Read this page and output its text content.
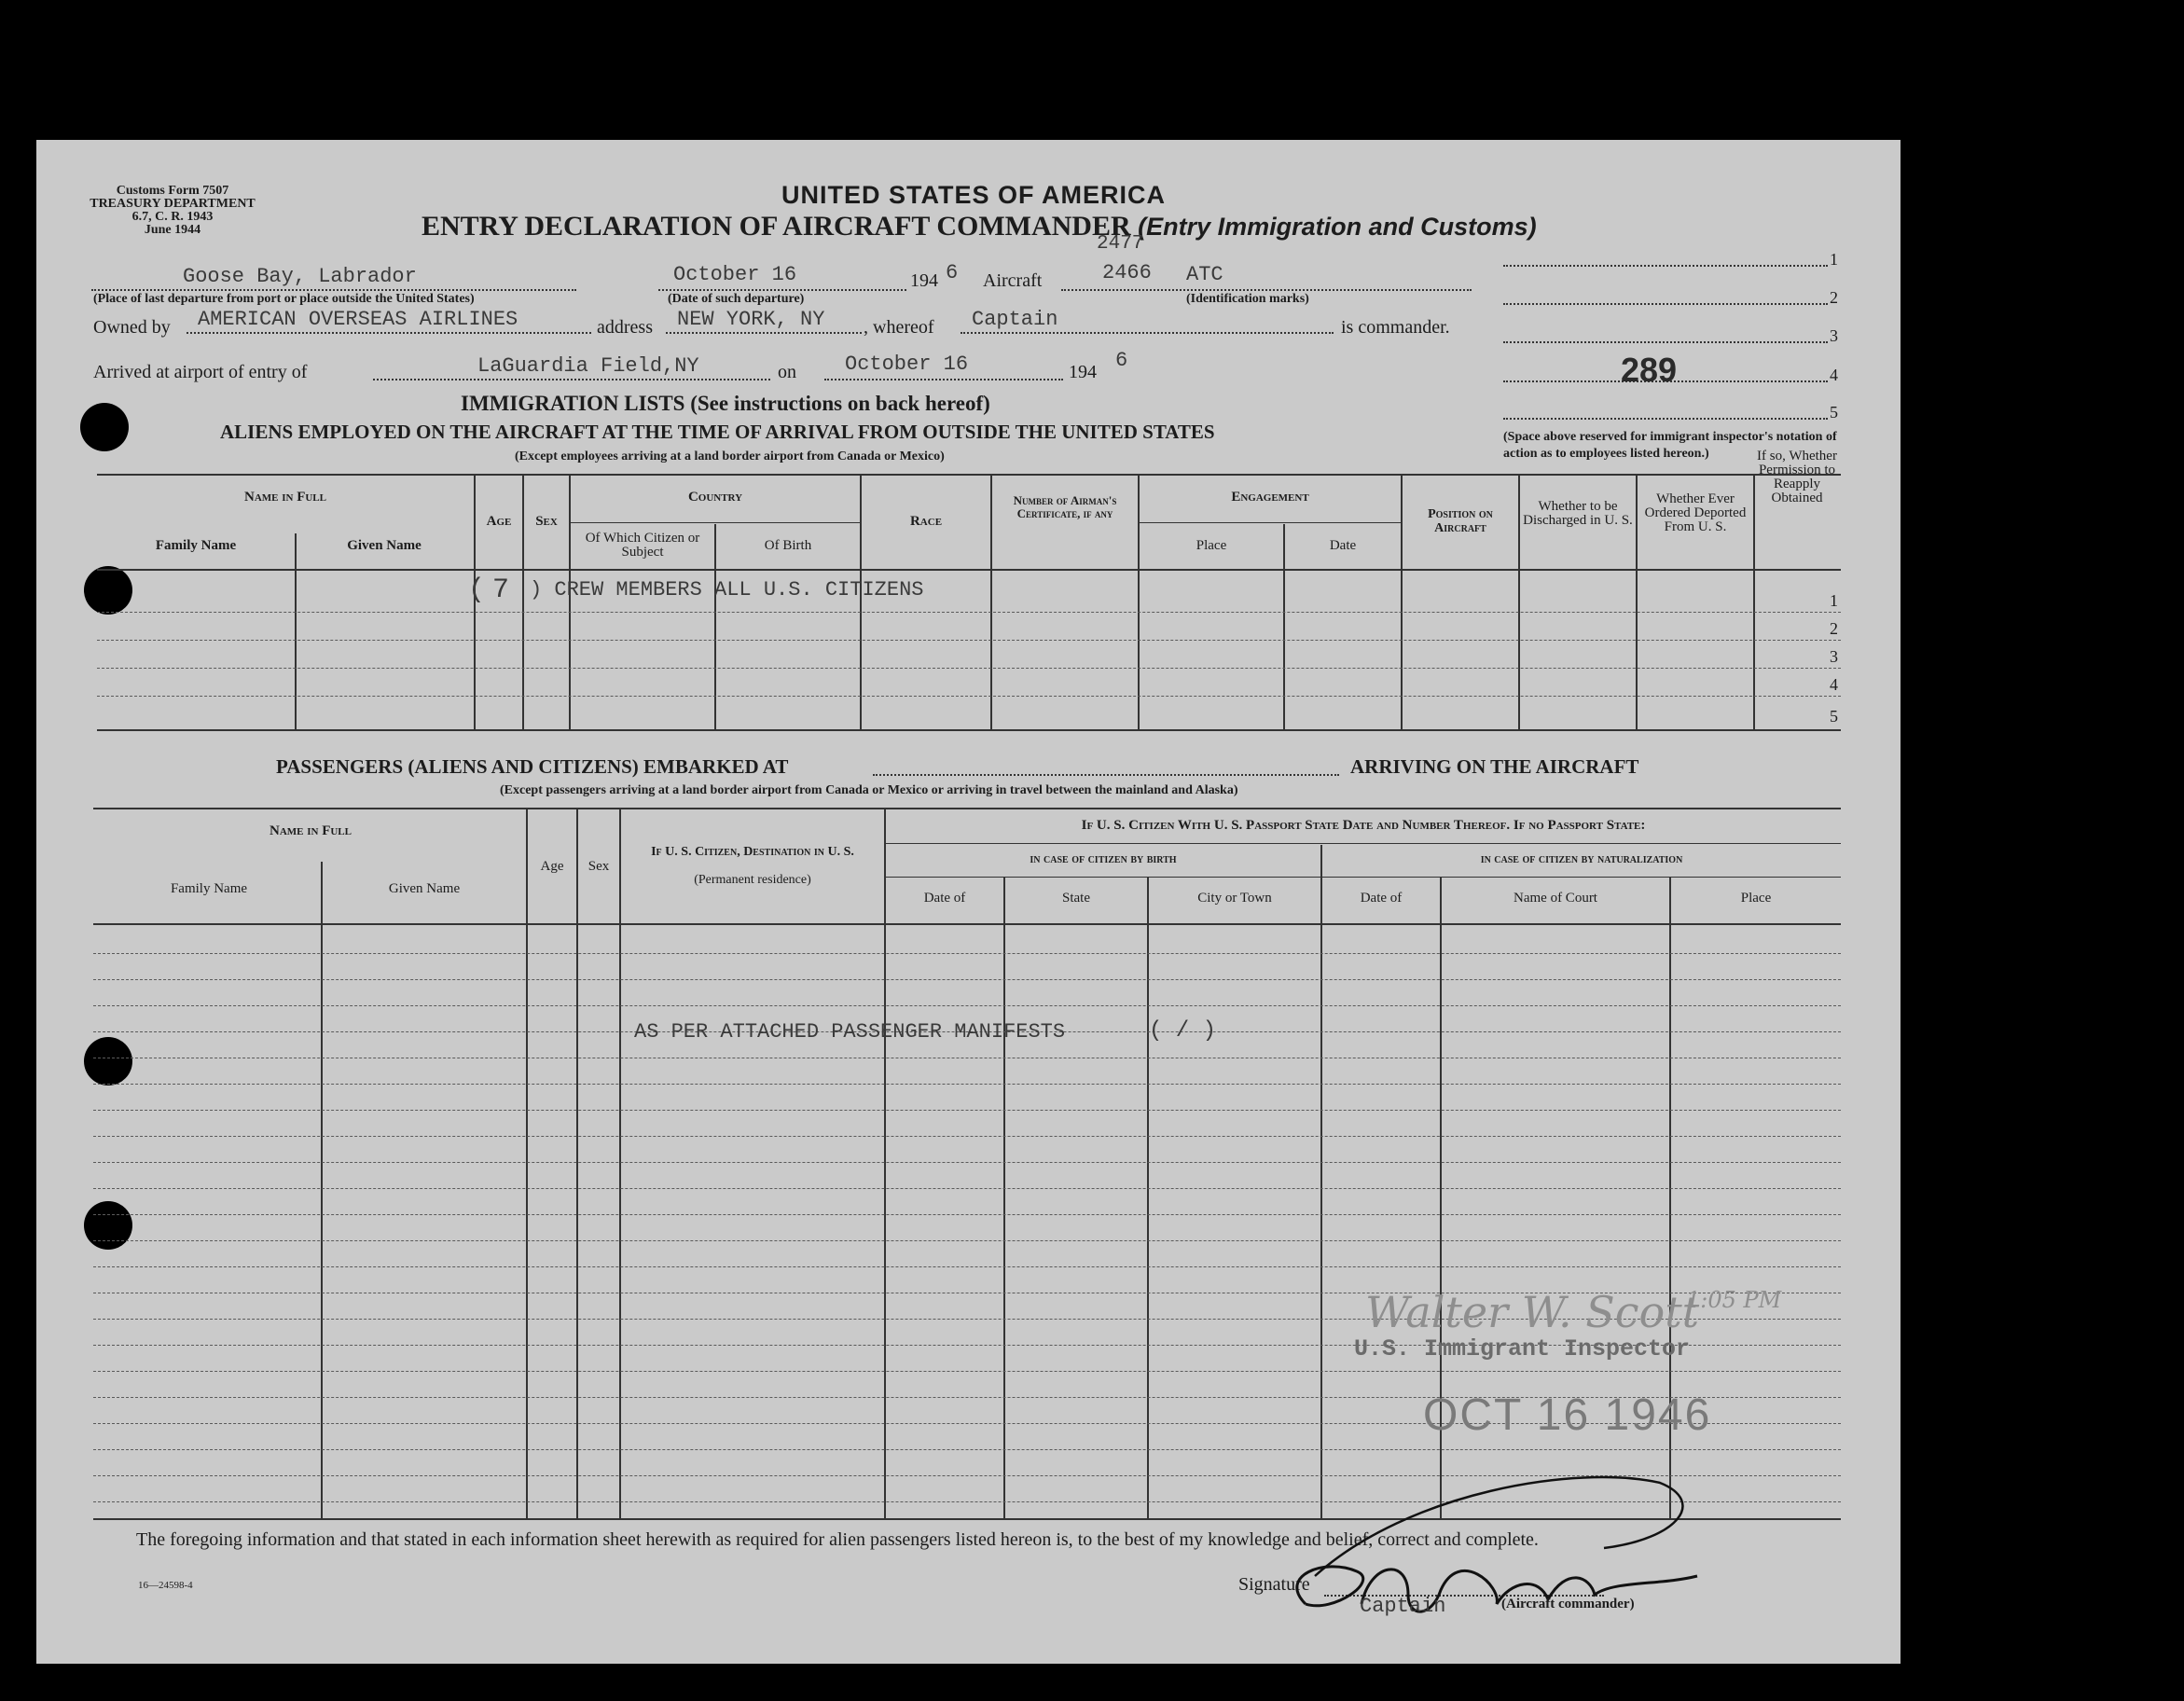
Customs Form 7507
TREASURY DEPARTMENT
6.7, C. R. 1943
June 1944
UNITED STATES OF AMERICA
ENTRY DECLARATION OF AIRCRAFT COMMANDER (Entry Immigration and Customs)
Goose Bay, Labrador
(Place of last departure from port or place outside the United States)
October 16
(Date of such departure)
194 6 Aircraft
2477
2466 ATC
(Identification marks)
Owned by AMERICAN OVERSEAS AIRLINES	address NEW YORK, NY , whereof Captain	is commander.
Arrived at airport of entry of	LaGuardia Field,NY	on October 16	194 6
1
2
3
4
289
5
(Space above reserved for immigrant inspector's notation of action as to employees listed hereon.)
IMMIGRATION LISTS (See instructions on back hereof)
ALIENS EMPLOYED ON THE AIRCRAFT AT THE TIME OF ARRIVAL FROM OUTSIDE THE UNITED STATES
(Except employees arriving at a land border airport from Canada or Mexico)
Name in Full
Family Name	Given Name
Age	Sex
Country
Of Which Citizen or Subject	Of Birth
Race
Number of Airman's Certificate, if any
Engagement
Place	Date
Position on Aircraft
Whether to be Discharged in U. S.
Whether Ever Ordered Deported From U. S.
If so, Whether Permission to Reapply Obtained
1
2
3
4
5
( 7 ) CREW MEMBERS ALL U.S. CITIZENS
PASSENGERS (ALIENS AND CITIZENS) EMBARKED AT	ARRIVING ON THE AIRCRAFT
(Except passengers arriving at a land border airport from Canada or Mexico or arriving in travel between the mainland and Alaska)
Name in Full
Family Name	Given Name
Age	Sex
If U. S. Citizen, Destination in U. S.
(Permanent residence)
If U. S. Citizen With U. S. Passport State Date and Number Thereof. If no Passport State:
in case of citizen by birth	in case of citizen by naturalization
Date of	State	City or Town	Date of	Name of Court	Place
AS PER ATTACHED PASSENGER MANIFESTS	( / )
Walter W. Scott
1:05 PM
U.S. Immigrant Inspector
OCT 16 1946
The foregoing information and that stated in each information sheet herewith as required for alien passengers listed hereon is, to the best of my knowledge and belief, correct and complete.
16—24598-4	Signature
Captain	(Aircraft commander)
